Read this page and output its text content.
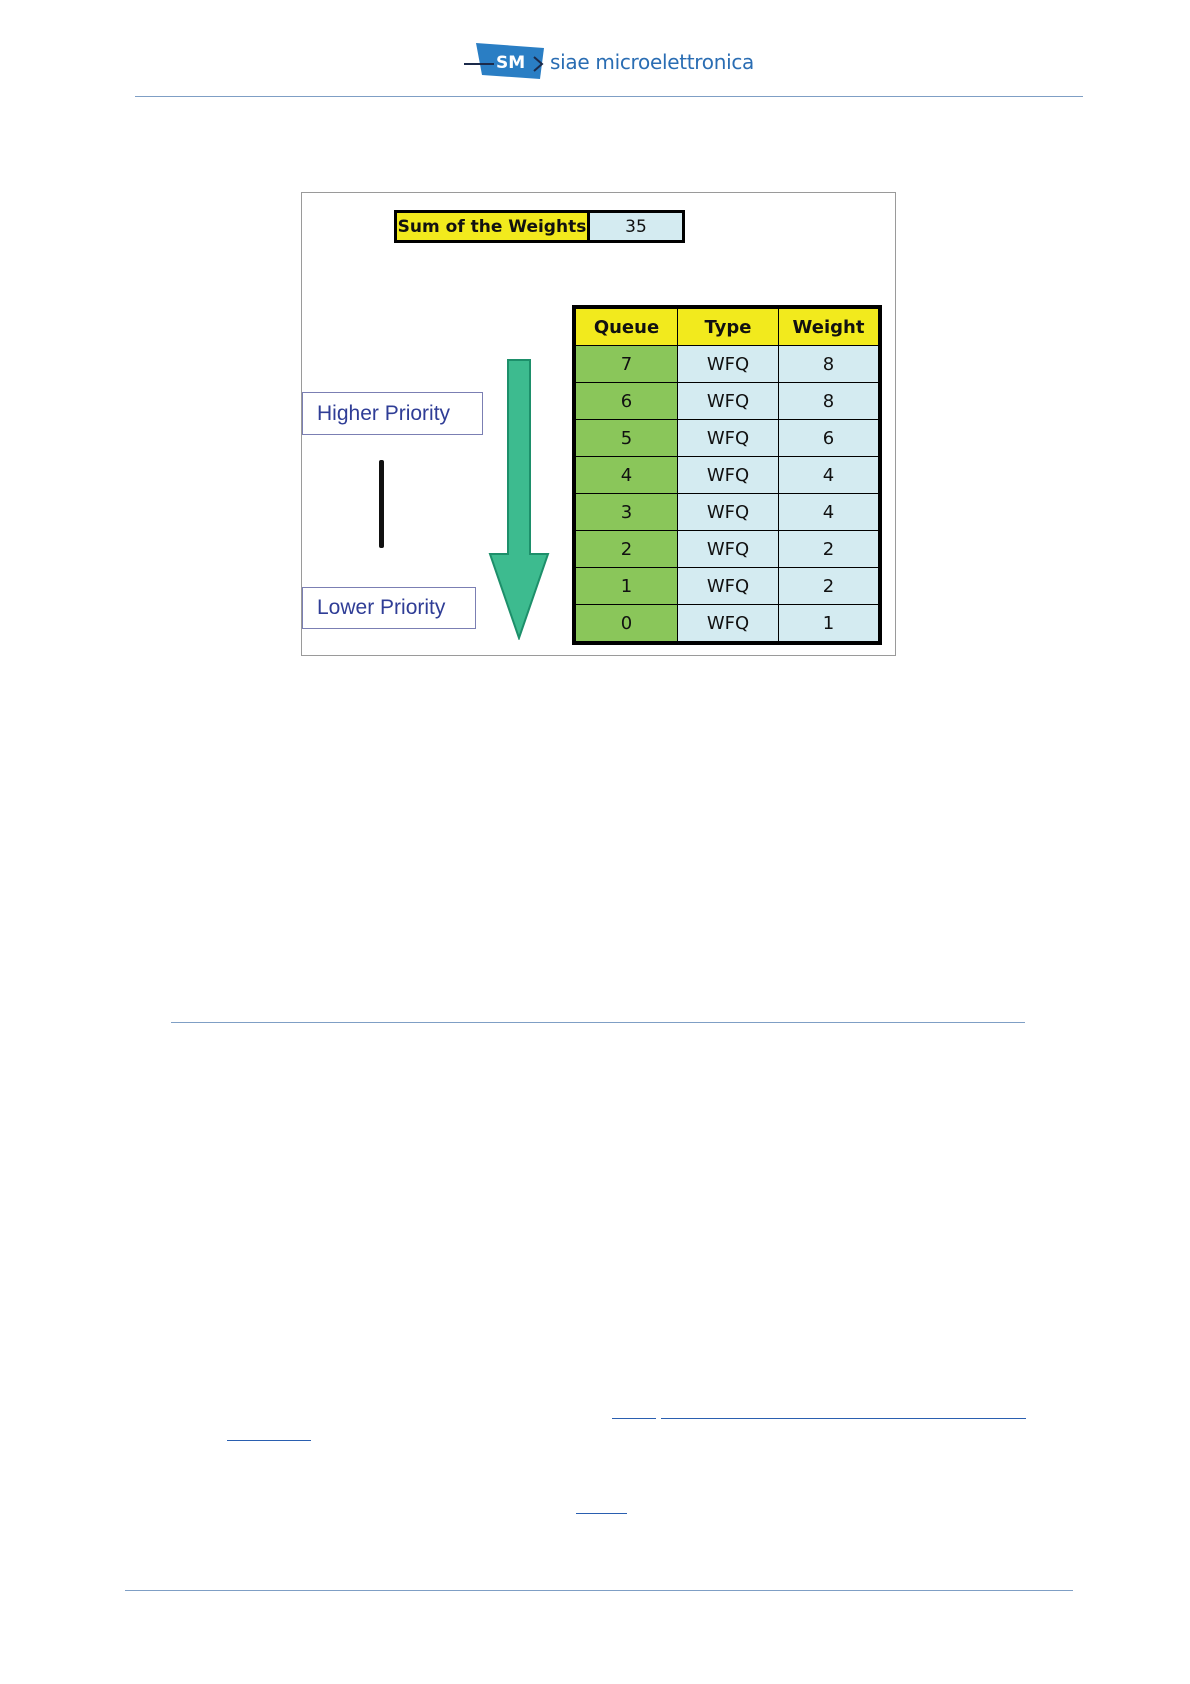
SM siae microelettronica
Sum of the Weights	35
Higher Priority
Lower Priority
Queue	Type	Weight
7	WFQ	8
6	WFQ	8
5	WFQ	6
4	WFQ	4
3	WFQ	4
2	WFQ	2
1	WFQ	2
0	WFQ	1
